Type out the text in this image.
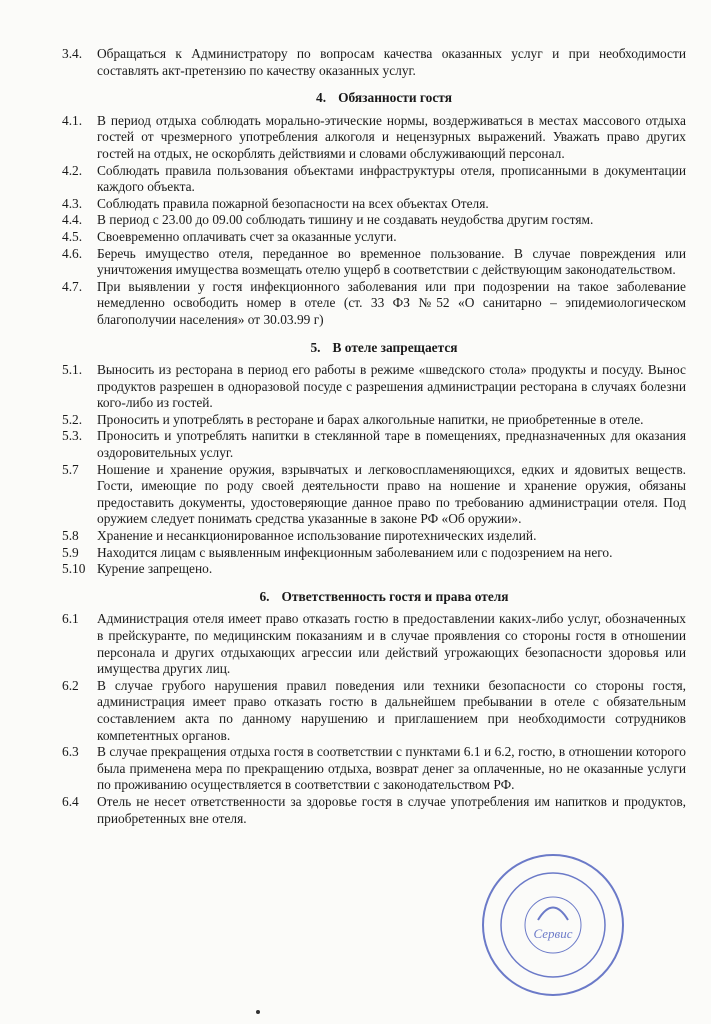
3.4.	Обращаться к Администратору по вопросам качества оказанных услуг и при необходимости составлять акт-претензию по качеству оказанных услуг.
4. Обязанности гостя
4.1.	В период отдыха соблюдать морально-этические нормы, воздерживаться в местах массового отдыха гостей от чрезмерного употребления алкоголя и нецензурных выражений. Уважать право других гостей на отдых, не оскорблять действиями и словами обслуживающий персонал.
4.2.	Соблюдать правила пользования объектами инфраструктуры отеля, прописанными в документации каждого объекта.
4.3.	Соблюдать правила пожарной безопасности на всех объектах Отеля.
4.4.	В период с 23.00 до 09.00 соблюдать тишину и не создавать неудобства другим гостям.
4.5.	Своевременно оплачивать счет за оказанные услуги.
4.6.	Беречь имущество отеля, переданное во временное пользование. В случае повреждения или уничтожения имущества возмещать отелю ущерб в соответствии с действующим законодательством.
4.7.	При выявлении у гостя инфекционного заболевания или при подозрении на такое заболевание немедленно освободить номер в отеле (ст. 33 ФЗ №52 «О санитарно – эпидемиологическом благополучии населения» от 30.03.99 г)
5. В отеле запрещается
5.1.	Выносить из ресторана в период его работы в режиме «шведского стола» продукты и посуду. Вынос продуктов разрешен в одноразовой посуде с разрешения администрации ресторана в случаях болезни кого-либо из гостей.
5.2.	Проносить и употреблять в ресторане и барах алкогольные напитки, не приобретенные в отеле.
5.3.	Проносить и употреблять напитки в стеклянной таре в помещениях, предназначенных для оказания оздоровительных услуг.
5.7	Ношение и хранение оружия, взрывчатых и легковоспламеняющихся, едких и ядовитых веществ. Гости, имеющие по роду своей деятельности право на ношение и хранение оружия, обязаны предоставить документы, удостоверяющие данное право по требованию администрации отеля. Под оружием следует понимать средства указанные в законе РФ «Об оружии».
5.8	Хранение и несанкционированное использование пиротехнических изделий.
5.9	Находится лицам с выявленным инфекционным заболеванием или с подозрением на него.
5.10 Курение запрещено.
6. Ответственность гостя и права отеля
6.1	Администрация отеля имеет право отказать гостю в предоставлении каких-либо услуг, обозначенных в прейскуранте, по медицинским показаниям и в случае проявления со стороны гостя в отношении персонала и других отдыхающих агрессии или действий угрожающих безопасности здоровья или имущества других лиц.
6.2	В случае грубого нарушения правил поведения или техники безопасности со стороны гостя, администрация имеет право отказать гостю в дальнейшем пребывании в отеле с обязательным составлением акта по данному нарушению и приглашением при необходимости сотрудников компетентных органов.
6.3	В случае прекращения отдыха гостя в соответствии с пунктами 6.1 и 6.2, гостю, в отношении которого была применена мера по прекращению отдыха, возврат денег за оплаченные, но не оказанные услуги по проживанию осуществляется в соответствии с законодательством РФ.
6.4	Отель не несет ответственности за здоровье гостя в случае употребления им напитков и продуктов, приобретенных вне отеля.
Сервис
